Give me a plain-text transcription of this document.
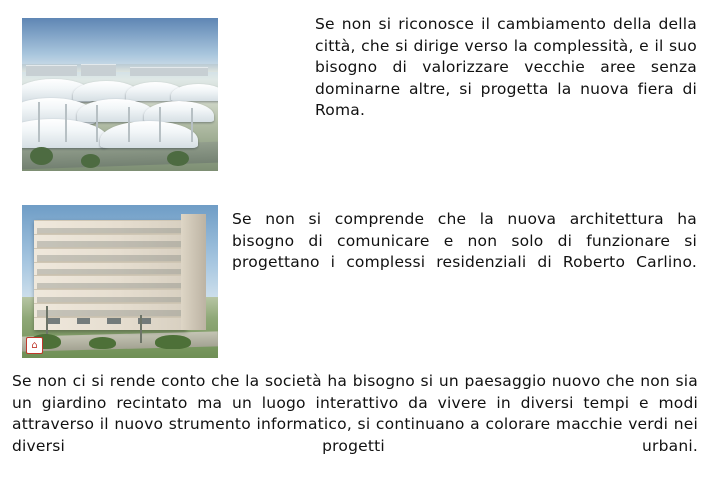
Se non si riconosce il cambiamento della della città, che si dirige verso la complessità, e il suo bisogno di valorizzare vecchie aree senza dominarne altre, si progetta la nuova fiera di Roma.
⌂
Se non si comprende che la nuova architettura ha bisogno di comunicare e non solo di funzionare si progettano i complessi residenziali di Roberto Carlino.
Se non ci si rende conto che la società ha bisogno si un paesaggio nuovo che non sia un giardino recintato ma un luogo interattivo da vivere in diversi tempi e modi attraverso il nuovo strumento informatico, si continuano a colorare macchie verdi nei diversi progetti urbani.
